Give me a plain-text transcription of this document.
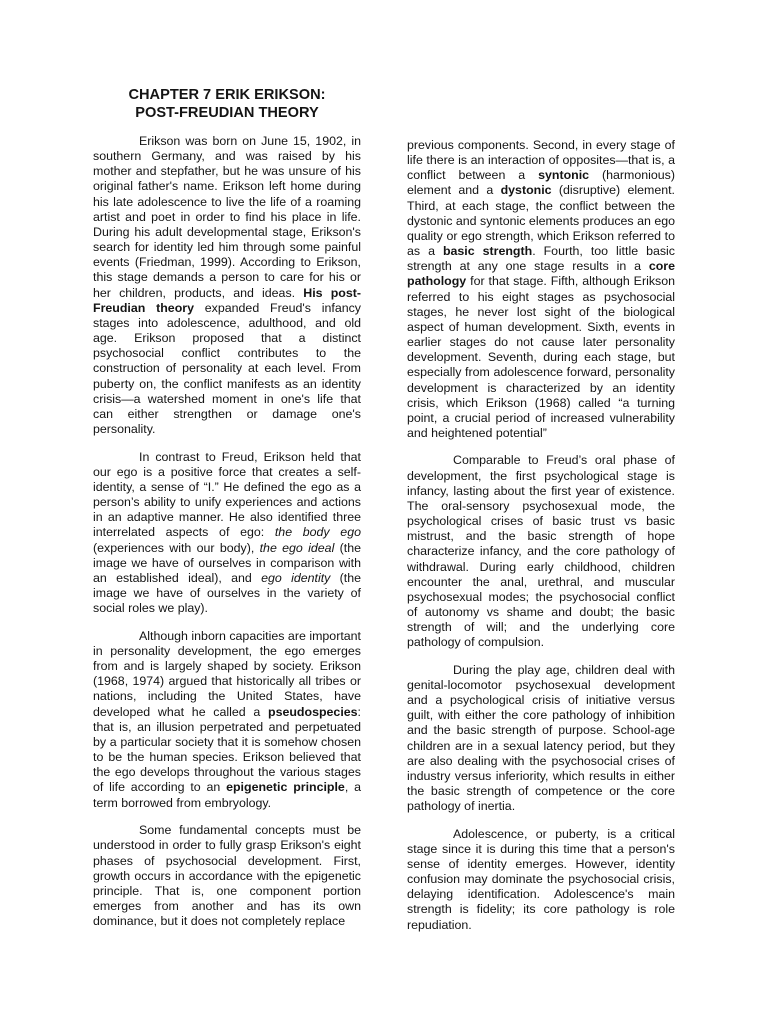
CHAPTER 7 ERIK ERIKSON:
POST-FREUDIAN THEORY

Erikson was born on June 15, 1902, in southern Germany, and was raised by his mother and stepfather, but he was unsure of his original father's name. Erikson left home during his late adolescence to live the life of a roaming artist and poet in order to find his place in life. During his adult developmental stage, Erikson's search for identity led him through some painful events (Friedman, 1999). According to Erikson, this stage demands a person to care for his or her children, products, and ideas. His post-Freudian theory expanded Freud's infancy stages into adolescence, adulthood, and old age. Erikson proposed that a distinct psychosocial conflict contributes to the construction of personality at each level. From puberty on, the conflict manifests as an identity crisis—a watershed moment in one's life that can either strengthen or damage one's personality.

In contrast to Freud, Erikson held that our ego is a positive force that creates a self-identity, a sense of “I.” He defined the ego as a person’s ability to unify experiences and actions in an adaptive manner. He also identified three interrelated aspects of ego: the body ego (experiences with our body), the ego ideal (the image we have of ourselves in comparison with an established ideal), and ego identity (the image we have of ourselves in the variety of social roles we play).

Although inborn capacities are important in personality development, the ego emerges from and is largely shaped by society. Erikson (1968, 1974) argued that historically all tribes or nations, including the United States, have developed what he called a pseudospecies: that is, an illusion perpetrated and perpetuated by a particular society that it is somehow chosen to be the human species. Erikson believed that the ego develops throughout the various stages of life according to an epigenetic principle, a term borrowed from embryology.

Some fundamental concepts must be understood in order to fully grasp Erikson's eight phases of psychosocial development. First, growth occurs in accordance with the epigenetic principle. That is, one component portion emerges from another and has its own dominance, but it does not completely replace

previous components. Second, in every stage of life there is an interaction of opposites—that is, a conflict between a syntonic (harmonious) element and a dystonic (disruptive) element. Third, at each stage, the conflict between the dystonic and syntonic elements produces an ego quality or ego strength, which Erikson referred to as a basic strength. Fourth, too little basic strength at any one stage results in a core pathology for that stage. Fifth, although Erikson referred to his eight stages as psychosocial stages, he never lost sight of the biological aspect of human development. Sixth, events in earlier stages do not cause later personality development. Seventh, during each stage, but especially from adolescence forward, personality development is characterized by an identity crisis, which Erikson (1968) called “a turning point, a crucial period of increased vulnerability and heightened potential”

Comparable to Freud’s oral phase of development, the first psychological stage is infancy, lasting about the first year of existence. The oral-sensory psychosexual mode, the psychological crises of basic trust vs basic mistrust, and the basic strength of hope characterize infancy, and the core pathology of withdrawal. During early childhood, children encounter the anal, urethral, and muscular psychosexual modes; the psychosocial conflict of autonomy vs shame and doubt; the basic strength of will; and the underlying core pathology of compulsion.

During the play age, children deal with genital-locomotor psychosexual development and a psychological crisis of initiative versus guilt, with either the core pathology of inhibition and the basic strength of purpose. School-age children are in a sexual latency period, but they are also dealing with the psychosocial crises of industry versus inferiority, which results in either the basic strength of competence or the core pathology of inertia.

Adolescence, or puberty, is a critical stage since it is during this time that a person's sense of identity emerges. However, identity confusion may dominate the psychosocial crisis, delaying identification. Adolescence's main strength is fidelity; its core pathology is role repudiation.
